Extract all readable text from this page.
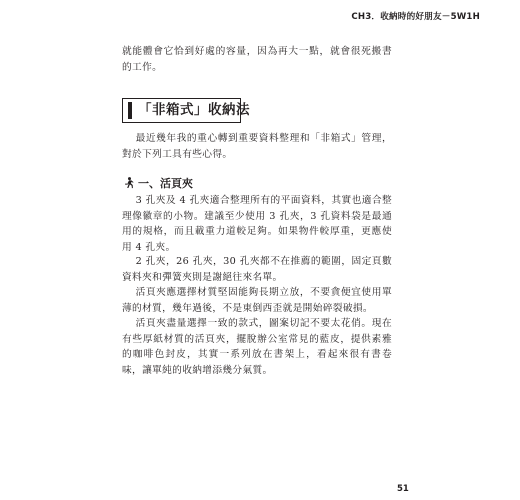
CH3．收納時的好朋友－5W1H

就能體會它恰到好處的容量，因為再大一點，就會很死搬書的工作。

「非箱式」收納法

最近幾年我的重心轉到重要資料整理和「非箱式」管理，對於下列工具有些心得。

一、活頁夾

3 孔夾及 4 孔夾適合整理所有的平面資料，其實也適合整理像徽章的小物。建議至少使用 3 孔夾，3 孔資料袋是最通用的規格，而且載重力道較足夠。如果物件較厚重，更應使用 4 孔夾。

2 孔夾，26 孔夾，30 孔夾都不在推薦的範圍，固定頁數資料夾和彈簧夾則是謝絕往來名單。

活頁夾應選擇材質堅固能夠長期立放，不要貪便宜使用單薄的材質，幾年過後，不是東倒西歪就是開始碎裂破損。

活頁夾盡量選擇一致的款式，圖案切記不要太花俏。現在有些厚紙材質的活頁夾，擺脫辦公室常見的藍皮，提供素雅的咖啡色封皮，其實一系列放在書架上，看起來很有書卷味，讓單純的收納增添幾分氣質。

51
